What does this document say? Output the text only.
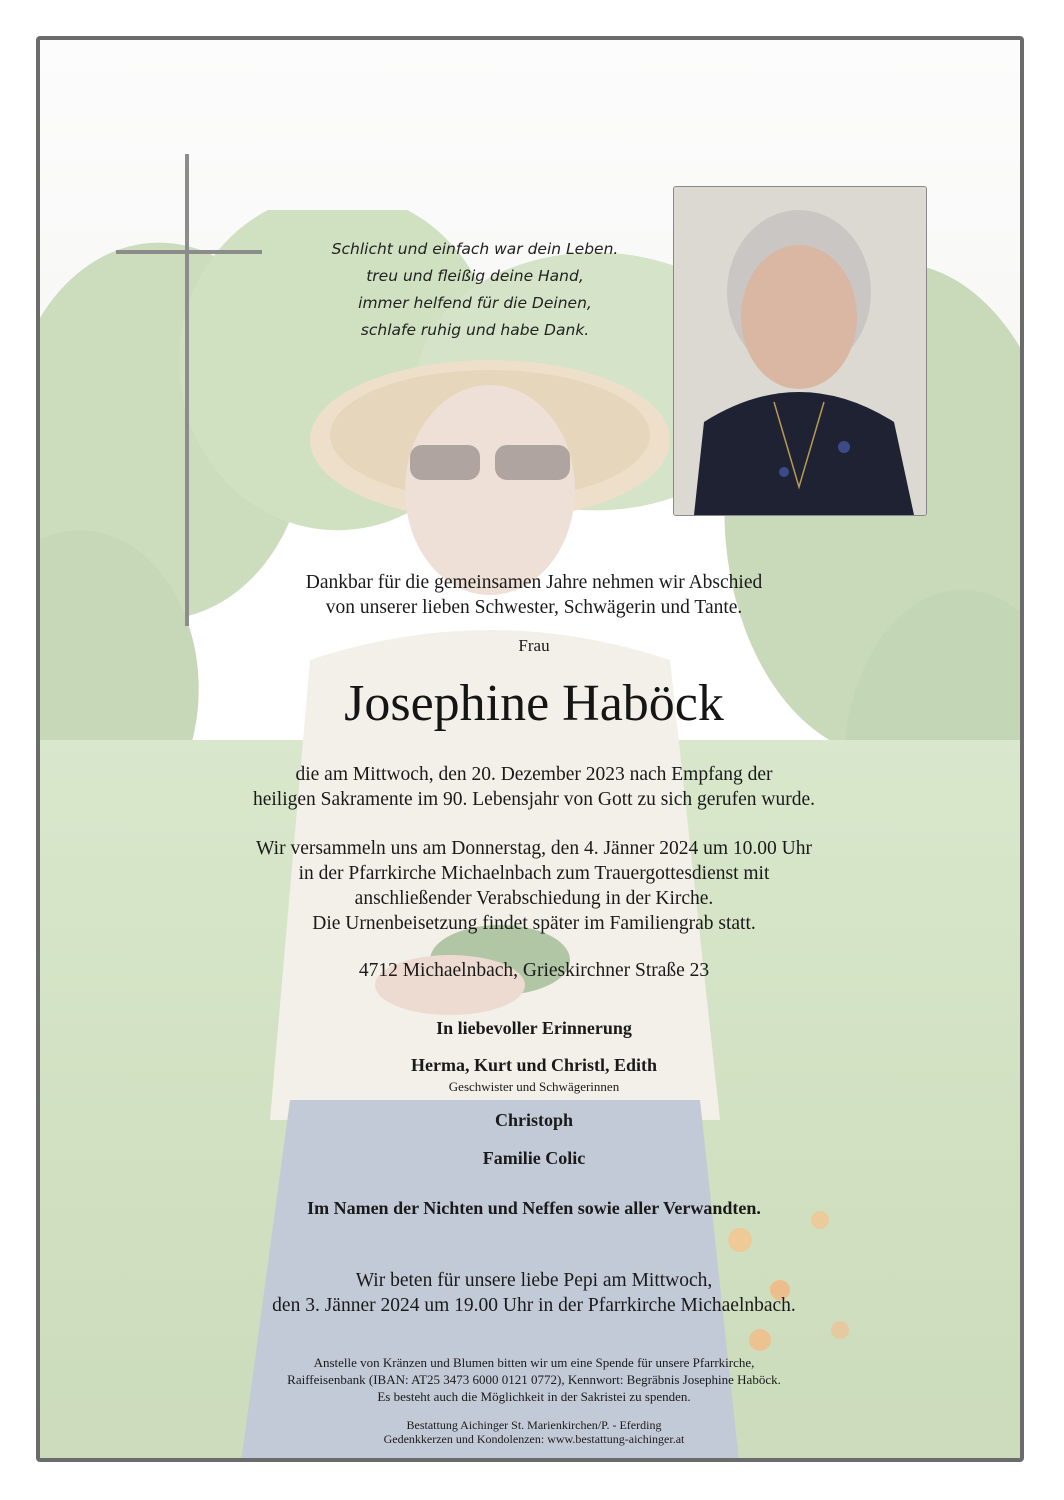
Schlicht und einfach war dein Leben.
treu und fleißig deine Hand,
immer helfend für die Deinen,
schlafe ruhig und habe Dank.
Dankbar für die gemeinsamen Jahre nehmen wir Abschied
von unserer lieben Schwester, Schwägerin und Tante.
Frau
Josephine Haböck
die am Mittwoch, den 20. Dezember 2023 nach Empfang der
heiligen Sakramente im 90. Lebensjahr von Gott zu sich gerufen wurde.
Wir versammeln uns am Donnerstag, den 4. Jänner 2024 um 10.00 Uhr
in der Pfarrkirche Michaelnbach zum Trauergottesdienst mit
anschließender Verabschiedung in der Kirche.
Die Urnenbeisetzung findet später im Familiengrab statt.
4712 Michaelnbach, Grieskirchner Straße 23
In liebevoller Erinnerung
Herma, Kurt und Christl, Edith
Geschwister und Schwägerinnen
Christoph
Familie Colic
Im Namen der Nichten und Neffen sowie aller Verwandten.
Wir beten für unsere liebe Pepi am Mittwoch,
den 3. Jänner 2024 um 19.00 Uhr in der Pfarrkirche Michaelnbach.
Anstelle von Kränzen und Blumen bitten wir um eine Spende für unsere Pfarrkirche,
Raiffeisenbank (IBAN: AT25 3473 6000 0121 0772), Kennwort: Begräbnis Josephine Haböck.
Es besteht auch die Möglichkeit in der Sakristei zu spenden.
Bestattung Aichinger St. Marienkirchen/P. - Eferding
Gedenkkerzen und Kondolenzen: www.bestattung-aichinger.at
